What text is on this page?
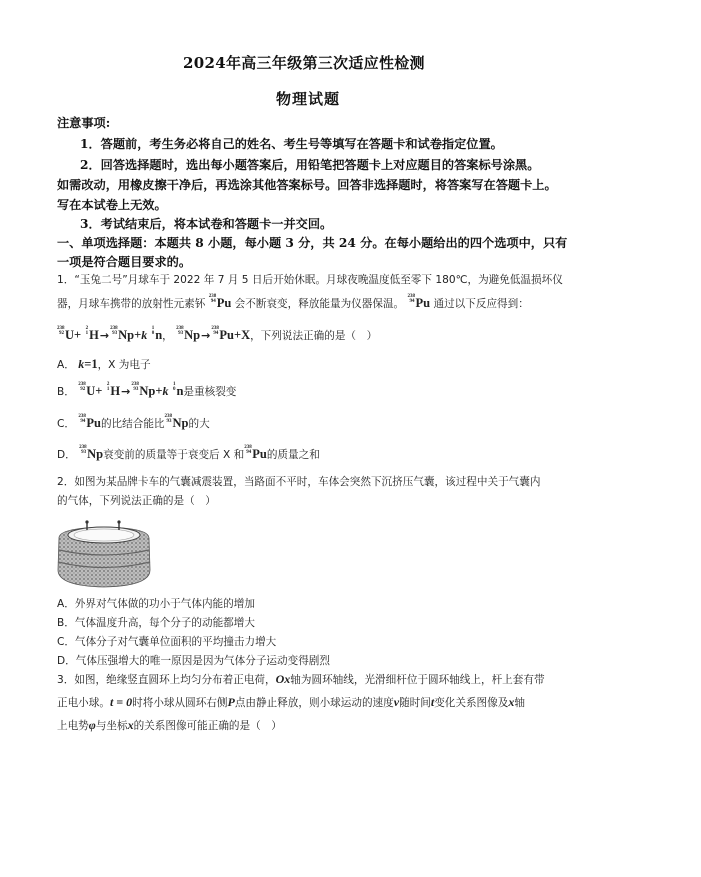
2024年高三年级第三次适应性检测
物理试题
注意事项:
1．答题前，考生务必将自己的姓名、考生号等填写在答题卡和试卷指定位置。
2．回答选择题时，选出每小题答案后，用铅笔把答题卡上对应题目的答案标号涂黑。
如需改动，用橡皮擦干净后，再选涂其他答案标号。回答非选择题时，将答案写在答题卡上。
写在本试卷上无效。
3．考试结束后，将本试卷和答题卡一并交回。
一、单项选择题：本题共 8 小题，每小题 3 分，共 24 分。在每小题给出的四个选项中，只有
一项是符合题目要求的。
1．“玉兔二号”月球车于 2022 年 7 月 5 日后开始休眠。月球夜晚温度低至零下 180℃，为避免低温损坏仪
器，月球车携带的放射性元素钚
238
94 Pu 会不断衰变，释放能量为仪器保温。
238
94 Pu 通过以下反应得到：
238
92 U+ 2
1 H→
238
93 Np+k 1
0 n，
238
93 Np→
238
94 Pu+X，下列说法正确的是（　）
A． k=1，X 为电子
B．
238
92 U+ 2
1 H→
238
93 Np+k 1
0 n是重核裂变
C．
238
94 Pu的比结合能比
238
93 Np的大
D．
238
93 Np衰变前的质量等于衰变后 X 和
238
94 Pu的质量之和
2．如图为某品牌卡车的气囊减震装置，当路面不平时，车体会突然下沉挤压气囊，该过程中关于气囊内
的气体，下列说法正确的是（　）
A．外界对气体做的功小于气体内能的增加
B．气体温度升高，每个分子的动能都增大
C．气体分子对气囊单位面积的平均撞击力增大
D．气体压强增大的唯一原因是因为气体分子运动变得剧烈
3．如图，绝缘竖直圆环上均匀分布着正电荷，Ox轴为圆环轴线，光滑细杆位于圆环轴线上，杆上套有带
正电小球。t = 0时将小球从圆环右侧P点由静止释放，则小球运动的速度v随时间t变化关系图像及x轴
上电势φ与坐标x的关系图像可能正确的是（　）
